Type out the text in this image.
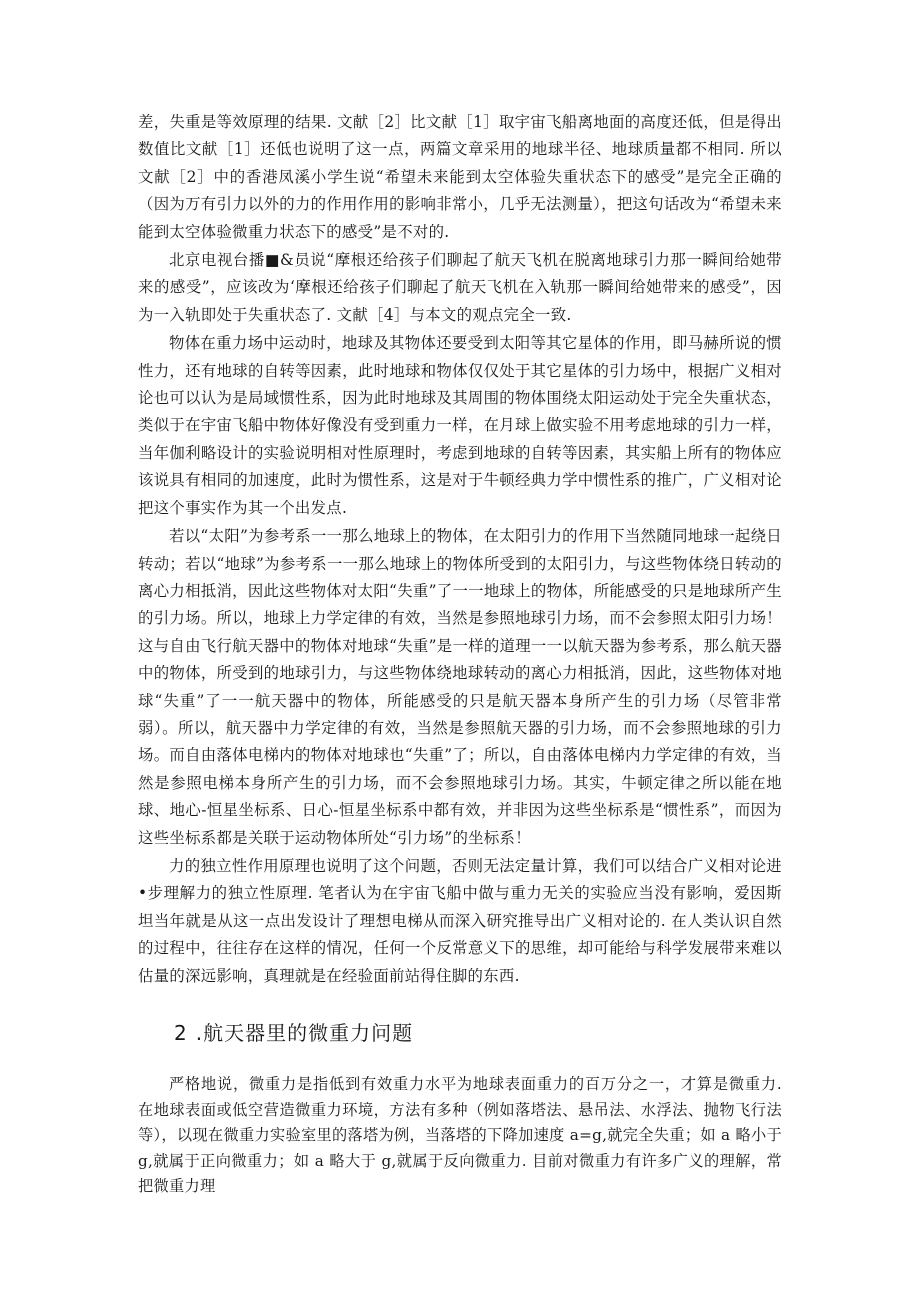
差，失重是等效原理的结果. 文献［2］比文献［1］取宇宙飞船离地面的高度还低，但是得出数值比文献［1］还低也说明了这一点，两篇文章采用的地球半径、地球质量都不相同. 所以文献［2］中的香港凤溪小学生说“希望未来能到太空体验失重状态下的感受”是完全正确的（因为万有引力以外的力的作用作用的影响非常小，几乎无法测量），把这句话改为“希望未来能到太空体验微重力状态下的感受”是不对的.

北京电视台播■&员说“摩根还给孩子们聊起了航天飞机在脱离地球引力那一瞬间给她带来的感受”，应该改为‘摩根还给孩子们聊起了航天飞机在入轨那一瞬间给她带来的感受”，因为一入轨即处于失重状态了. 文献［4］与本文的观点完全一致.

物体在重力场中运动时，地球及其物体还要受到太阳等其它星体的作用，即马赫所说的惯性力，还有地球的自转等因素，此时地球和物体仅仅处于其它星体的引力场中，根据广义相对论也可以认为是局域惯性系，因为此时地球及其周围的物体围绕太阳运动处于完全失重状态，类似于在宇宙飞船中物体好像没有受到重力一样，在月球上做实验不用考虑地球的引力一样，当年伽利略设计的实验说明相对性原理时，考虑到地球的自转等因素，其实船上所有的物体应该说具有相同的加速度，此时为惯性系，这是对于牛顿经典力学中惯性系的推广，广义相对论把这个事实作为其一个出发点.

若以“太阳”为参考系一一那么地球上的物体，在太阳引力的作用下当然随同地球一起绕日转动；若以“地球”为参考系一一那么地球上的物体所受到的太阳引力，与这些物体绕日转动的离心力相抵消，因此这些物体对太阳“失重”了一一地球上的物体，所能感受的只是地球所产生的引力场。所以，地球上力学定律的有效，当然是参照地球引力场，而不会参照太阳引力场！这与自由飞行航天器中的物体对地球“失重”是一样的道理一一以航天器为参考系，那么航天器中的物体，所受到的地球引力，与这些物体绕地球转动的离心力相抵消，因此，这些物体对地球“失重”了一一航天器中的物体，所能感受的只是航天器本身所产生的引力场（尽管非常弱）。所以，航天器中力学定律的有效，当然是参照航天器的引力场，而不会参照地球的引力场。而自由落体电梯内的物体对地球也“失重”了；所以，自由落体电梯内力学定律的有效，当然是参照电梯本身所产生的引力场，而不会参照地球引力场。其实，牛顿定律之所以能在地球、地心-恒星坐标系、日心-恒星坐标系中都有效，并非因为这些坐标系是“惯性系”，而因为这些坐标系都是关联于运动物体所处“引力场”的坐标系！

力的独立性作用原理也说明了这个问题，否则无法定量计算，我们可以结合广义相对论进•步理解力的独立性原理. 笔者认为在宇宙飞船中做与重力无关的实验应当没有影响，爱因斯坦当年就是从这一点出发设计了理想电梯从而深入研究推导出广义相对论的. 在人类认识自然的过程中，往往存在这样的情况，任何一个反常意义下的思维，却可能给与科学发展带来难以估量的深远影响，真理就是在经验面前站得住脚的东西.

2 .航天器里的微重力问题

严格地说，微重力是指低到有效重力水平为地球表面重力的百万分之一，才算是微重力. 在地球表面或低空营造微重力环境，方法有多种（例如落塔法、悬吊法、水浮法、抛物飞行法等），以现在微重力实验室里的落塔为例，当落塔的下降加速度 a=g,就完全失重；如 a 略小于 g,就属于正向微重力；如 a 略大于 g,就属于反向微重力. 目前对微重力有许多广义的理解，常把微重力理
